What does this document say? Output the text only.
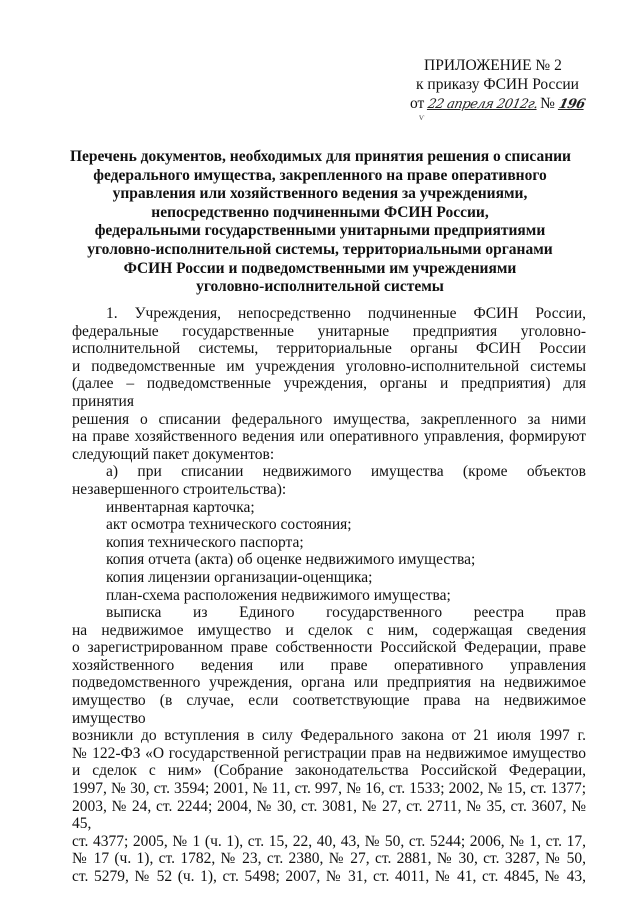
ПРИЛОЖЕНИЕ № 2
к приказу ФСИН России
от 22 апреля 2012г. № 196
ѵ
Перечень документов, необходимых для принятия решения о списании
федерального имущества, закрепленного на праве оперативного
управления или хозяйственного ведения за учреждениями,
непосредственно подчиненными ФСИН России,
федеральными государственными унитарными предприятиями
уголовно-исполнительной системы, территориальными органами
ФСИН России и подведомственными им учреждениями
уголовно-исполнительной системы

1. Учреждения, непосредственно подчиненные ФСИН России,

федеральные государственные унитарные предприятия уголовно-

исполнительной системы, территориальные органы ФСИН России

и подведомственные им учреждения уголовно-исполнительной системы

(далее – подведомственные учреждения, органы и предприятия) для принятия

решения о списании федерального имущества, закрепленного за ними

на праве хозяйственного ведения или оперативного управления, формируют

следующий пакет документов:

а) при списании недвижимого имущества (кроме объектов

незавершенного строительства):

инвентарная карточка;

акт осмотра технического состояния;

копия технического паспорта;

копия отчета (акта) об оценке недвижимого имущества;

копия лицензии организации-оценщика;

план-схема расположения недвижимого имущества;

выписка из Единого государственного реестра прав

на недвижимое имущество и сделок с ним, содержащая сведения

о зарегистрированном праве собственности Российской Федерации, праве

хозяйственного ведения или праве оперативного управления

подведомственного учреждения, органа или предприятия на недвижимое

имущество (в случае, если соответствующие права на недвижимое имущество

возникли до вступления в силу Федерального закона от 21 июля 1997 г.

№ 122-ФЗ «О государственной регистрации прав на недвижимое имущество

и сделок с ним» (Собрание законодательства Российской Федерации,

1997, № 30, ст. 3594; 2001, № 11, ст. 997, № 16, ст. 1533; 2002, № 15, ст. 1377;

2003, № 24, ст. 2244; 2004, № 30, ст. 3081, № 27, ст. 2711, № 35, ст. 3607, № 45,

ст. 4377; 2005, № 1 (ч. 1), ст. 15, 22, 40, 43, № 50, ст. 5244; 2006, № 1, ст. 17,

№ 17 (ч. 1), ст. 1782, № 23, ст. 2380, № 27, ст. 2881, № 30, ст. 3287, № 50,

ст. 5279, № 52 (ч. 1), ст. 5498; 2007, № 31, ст. 4011, № 41, ст. 4845, № 43,
